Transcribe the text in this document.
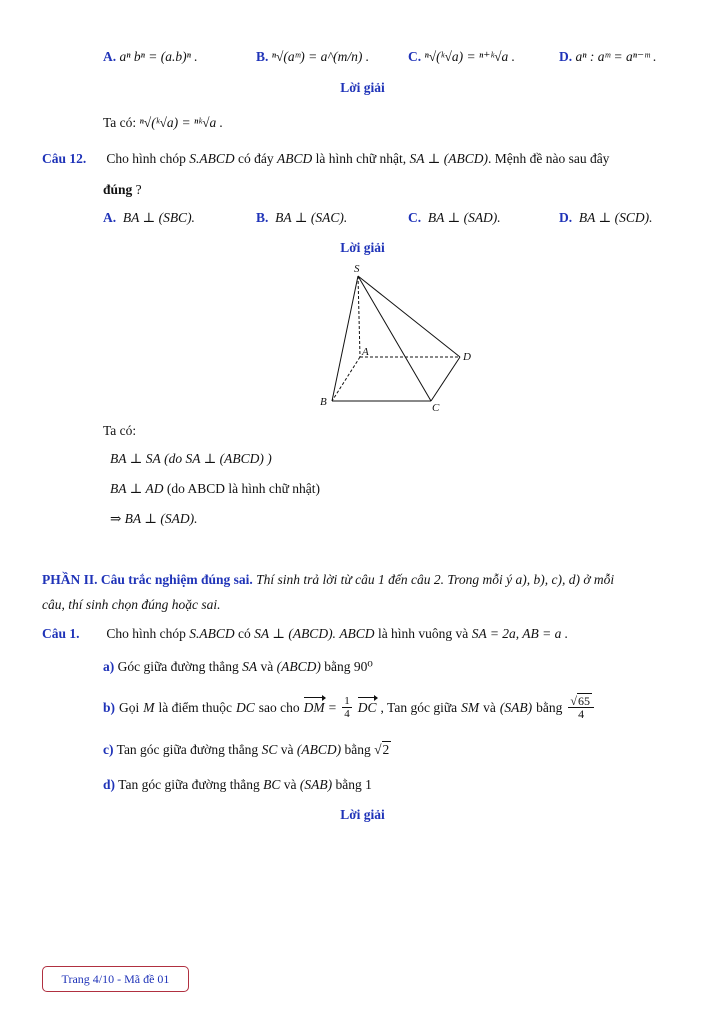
A. aⁿ bⁿ = (a.b)ⁿ .	B. ⁿ√(aᵐ) = a^(m/n) .	C. ⁿ√(ᵏ√a) = ⁿ⁺ᵏ√a .	D. aⁿ : aᵐ = aⁿ⁻ᵐ .
Lời giải
Ta có: ⁿ√(ᵏ√a) = ⁿᵏ√a .
Câu 12. Cho hình chóp S.ABCD có đáy ABCD là hình chữ nhật, SA ⊥ (ABCD). Mệnh đề nào sau đây
đúng ?
A. BA ⊥ (SBC).	B. BA ⊥ (SAC).	C. BA ⊥ (SAD).	D. BA ⊥ (SCD).
Lời giải
S
A	D
B	C
Ta có:
BA ⊥ SA (do SA ⊥ (ABCD) )
BA ⊥ AD (do ABCD là hình chữ nhật)
⇒ BA ⊥ (SAD).
PHẦN II. Câu trắc nghiệm đúng sai. Thí sinh trả lời từ câu 1 đến câu 2. Trong mỗi ý a), b), c), d) ở mỗi
câu, thí sinh chọn đúng hoặc sai.
Câu 1. Cho hình chóp S.ABCD có SA ⊥ (ABCD). ABCD là hình vuông và SA = 2a, AB = a .
a) Góc giữa đường thẳng SA và (ABCD) bằng 90⁰
b) Gọi M là điểm thuộc DC sao cho DM = $\frac{1}{4}$ DC , Tan góc giữa SM và (SAB) bằng $\frac{√65}{4}$
c) Tan góc giữa đường thẳng SC và (ABCD) bằng √2
d) Tan góc giữa đường thẳng BC và (SAB) bằng 1
Lời giải
Trang 4/10 - Mã đề 01
